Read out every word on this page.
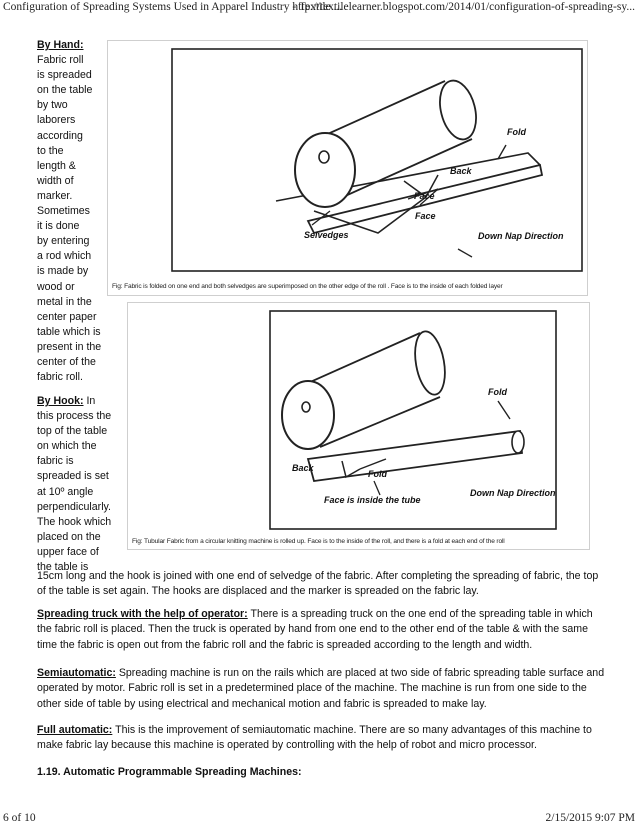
Configuration of Spreading Systems Used in Apparel Industry - Textile ...
http://textilelearner.blogspot.com/2014/01/configuration-of-spreading-sy...

By Hand:

Fabric roll

is spreaded

on the table

by two

laborers

according

to the

length &

width of

marker.

Sometimes

it is done

by entering

a rod which

is made by

wood or

metal in the

center paper

table which is

present in the

center of the

fabric roll.

By Hook: In

this process the

top of the table

on which the

fabric is

spreaded is set

at 10º angle

perpendicularly.

The hook which

placed on the

upper face of

the table is

Fold
Back
Face
Face
Selvedges	Down Nap Direction
Fig: Fabric is folded on one end and both selvedges are superimposed on the other edge of the roll . Face is to the inside of each folded layer
Fold
Fold
Back
Face is inside the tube
Down Nap Direction
Fig: Tubular Fabric from a circular knitting machine is rolled up. Face is to the inside of the roll, and there is a fold at each end of the roll
15cm long and the hook is joined with one end of selvedge of the fabric. After completing the spreading of fabric, the top of the table is set again. The hooks are displaced and the marker is spreaded on the fabric lay.
Spreading truck with the help of operator: There is a spreading truck on the one end of the spreading table in which the fabric roll is placed. Then the truck is operated by hand from one end to the other end of the table & with the same time the fabric is open out from the fabric roll and the fabric is spreaded according to the length and width.
Semiautomatic: Spreading machine is run on the rails which are placed at two side of fabric spreading table surface and operated by motor. Fabric roll is set in a predetermined place of the machine. The machine is run from one side to the other side of table by using electrical and mechanical motion and fabric is spreaded to make lay.
Full automatic: This is the improvement of semiautomatic machine. There are so many advantages of this machine to make fabric lay because this machine is operated by controlling with the help of robot and micro processor.
1.19. Automatic Programmable Spreading Machines:
6 of 10	2/15/2015 9:07 PM
